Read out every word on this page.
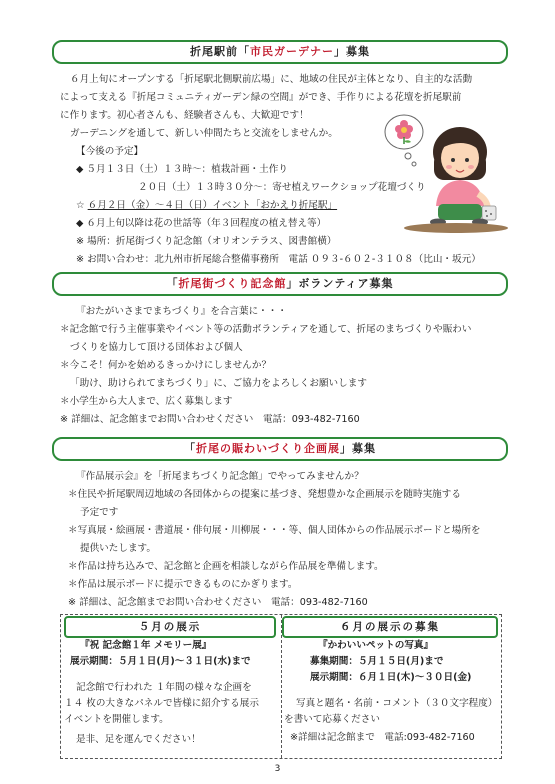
折尾駅前「市民ガーデナー」募集
６月上旬にオープンする「折尾駅北側駅前広場」に、地域の住民が主体となり、自主的な活動
によって支える『折尾コミュニティガーデン緑の空間』ができ、手作りによる花壇を折尾駅前
に作ります。初心者さんも、経験者さんも、大歓迎です！
ガーデニングを通して、新しい仲間たちと交流をしませんか。
【今後の予定】
◆ ５月１３日（土）１３時〜：植栽計画・土作り
２０日（土）１３時３０分〜：寄せ植えワークショップ花壇づくり
☆ ６月２日（金）〜４日（日）イベント「おかえり折尾駅」
◆ ６月上旬以降は花の世話等（年３回程度の植え替え等）
※ 場所：折尾街づくり記念館（オリオンテラス、図書館横）
※ お問い合わせ：北九州市折尾総合整備事務所　電話 ０９３-６０２-３１０８（比山・坂元）
「折尾街づくり記念館」ボランティア募集
『おたがいさまでまちづくり』を合言葉に・・・
＊記念館で行う主催事業やイベント等の活動ボランティアを通して、折尾のまちづくりや賑わい
づくりを協力して頂ける団体および個人
＊今こそ！何かを始めるきっかけにしませんか？
「助け、助けられてまちづくり」に、ご協力をよろしくお願いします
＊小学生から大人まで、広く募集します
※ 詳細は、記念館までお問い合わせください　電話：093-482-7160
「折尾の賑わいづくり企画展」募集
『作品展示会』を「折尾まちづくり記念館」でやってみませんか？
＊住民や折尾駅周辺地域の各団体からの提案に基づき、発想豊かな企画展示を随時実施する
予定です
＊写真展・絵画展・書道展・俳句展・川柳展・・・等、個人団体からの作品展示ボードと場所を
提供いたします。
＊作品は持ち込みで、記念館と企画を相談しながら作品展を準備します。
＊作品は展示ボードに提示できるものにかぎります。
※ 詳細は、記念館までお問い合わせください　電話：093-482-7160
５月の展示	６月の展示の募集
『祝 記念館１年 メモリー展』
展示期間：５月１日(月)〜３１日(水)まで
記念館で行われた １年間の様々な企画を
１４ 枚の大きなパネルで皆様に紹介する展示
イベントを開催します。
是非、足を運んでください！
『かわいいペットの写真』
募集期間：５月１５日(月)まで
展示期間：６月１日(木)〜３０日(金)
写真と題名・名前・コメント（３０文字程度）
を書いて応募ください
※詳細は記念館まで　電話:093-482-7160
3
